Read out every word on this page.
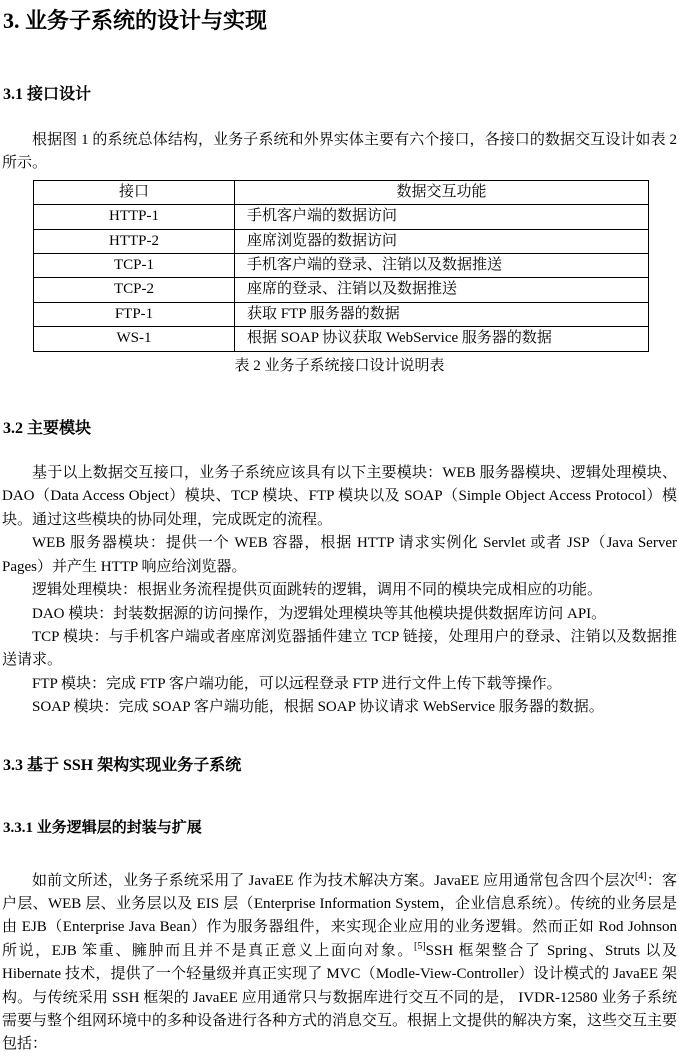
3. 业务子系统的设计与实现
3.1 接口设计

根据图 1 的系统总体结构，业务子系统和外界实体主要有六个接口，各接口的数据交互设计如表 2 所示。

接口	数据交互功能
HTTP-1	手机客户端的数据访问
HTTP-2	座席浏览器的数据访问
TCP-1	手机客户端的登录、注销以及数据推送
TCP-2	座席的登录、注销以及数据推送
FTP-1	获取 FTP 服务器的数据
WS-1	根据 SOAP 协议获取 WebService 服务器的数据
表 2 业务子系统接口设计说明表
3.2 主要模块

基于以上数据交互接口，业务子系统应该具有以下主要模块：WEB 服务器模块、逻辑处理模块、DAO（Data Access Object）模块、TCP 模块、FTP 模块以及 SOAP（Simple Object Access Protocol）模块。通过这些模块的协同处理，完成既定的流程。

WEB 服务器模块：提供一个 WEB 容器，根据 HTTP 请求实例化 Servlet 或者 JSP（Java Server Pages）并产生 HTTP 响应给浏览器。

逻辑处理模块：根据业务流程提供页面跳转的逻辑，调用不同的模块完成相应的功能。

DAO 模块：封装数据源的访问操作，为逻辑处理模块等其他模块提供数据库访问 API。

TCP 模块：与手机客户端或者座席浏览器插件建立 TCP 链接，处理用户的登录、注销以及数据推送请求。

FTP 模块：完成 FTP 客户端功能，可以远程登录 FTP 进行文件上传下载等操作。

SOAP 模块：完成 SOAP 客户端功能，根据 SOAP 协议请求 WebService 服务器的数据。

3.3 基于 SSH 架构实现业务子系统
3.3.1 业务逻辑层的封装与扩展

如前文所述，业务子系统采用了 JavaEE 作为技术解决方案。JavaEE 应用通常包含四个层次[4]：客户层、WEB 层、业务层以及 EIS 层（Enterprise Information System，企业信息系统）。传统的业务层是由 EJB（Enterprise Java Bean）作为服务器组件，来实现企业应用的业务逻辑。然而正如 Rod Johnson 所说，EJB 笨重、臃肿而且并不是真正意义上面向对象。[5]SSH 框架整合了 Spring、Struts 以及 Hibernate 技术，提供了一个轻量级并真正实现了 MVC（Modle-View-Controller）设计模式的 JavaEE 架构。与传统采用 SSH 框架的 JavaEE 应用通常只与数据库进行交互不同的是， IVDR-12580 业务子系统需要与整个组网环境中的多种设备进行各种方式的消息交互。根据上文提供的解决方案，这些交互主要包括：
